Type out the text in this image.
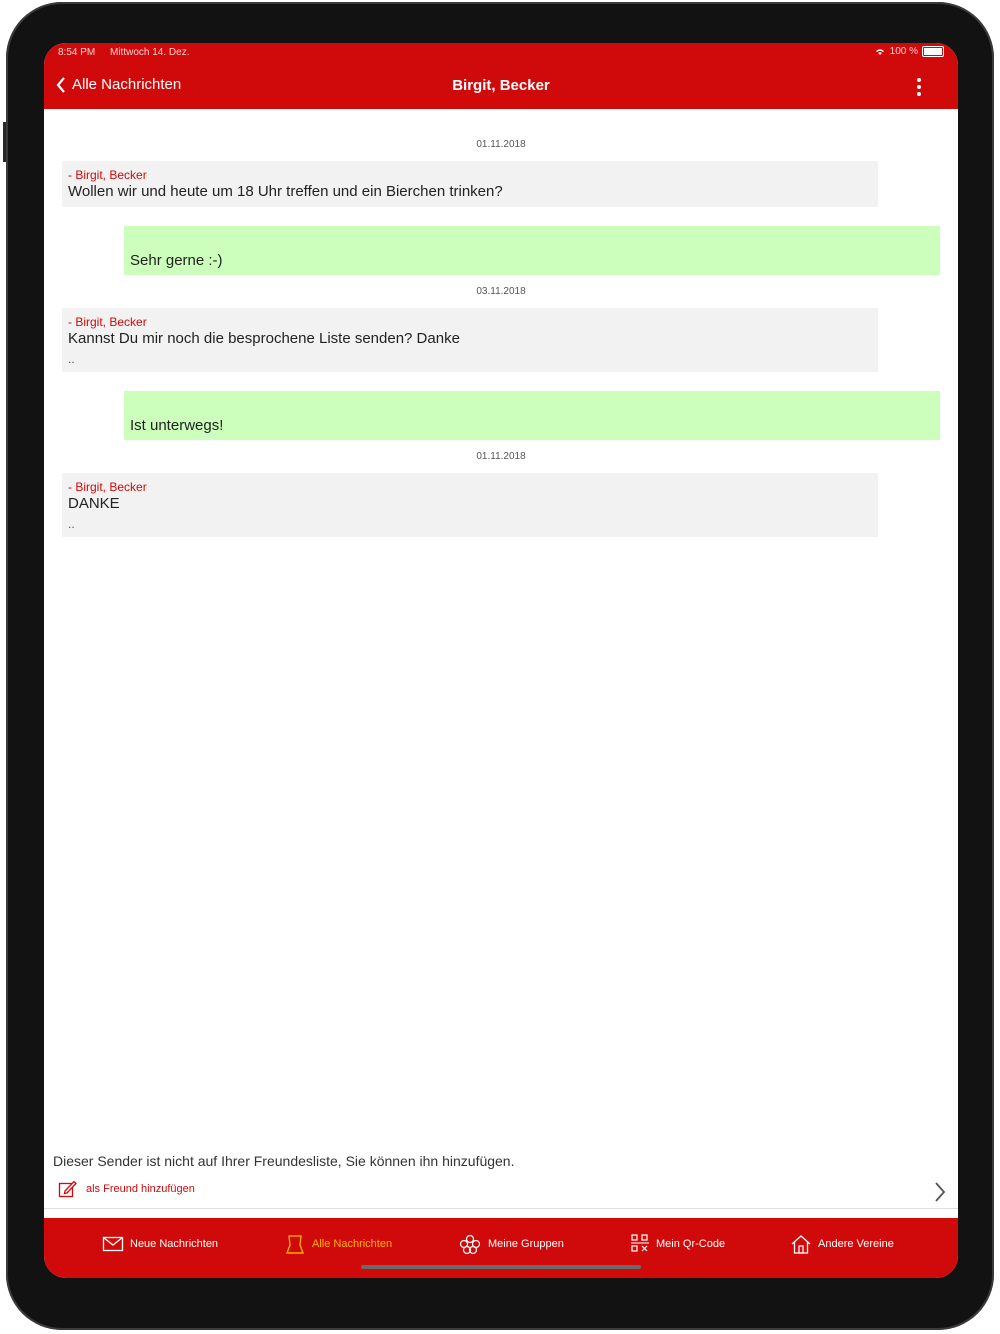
8:54 PM Mittwoch 14. Dez.	100 %
Alle Nachrichten	Birgit, Becker
01.11.2018
- Birgit, Becker
Wollen wir und heute um 18 Uhr treffen und ein Bierchen trinken?
Sehr gerne :-)
03.11.2018
- Birgit, Becker
Kannst Du mir noch die besprochene Liste senden? Danke
..
Ist unterwegs!
01.11.2018
- Birgit, Becker
DANKE
..
Dieser Sender ist nicht auf Ihrer Freundesliste, Sie können ihn hinzufügen.
als Freund hinzufügen
Neue Nachrichten	Alle Nachrichten	Meine Gruppen	Mein Qr-Code	Andere Vereine
